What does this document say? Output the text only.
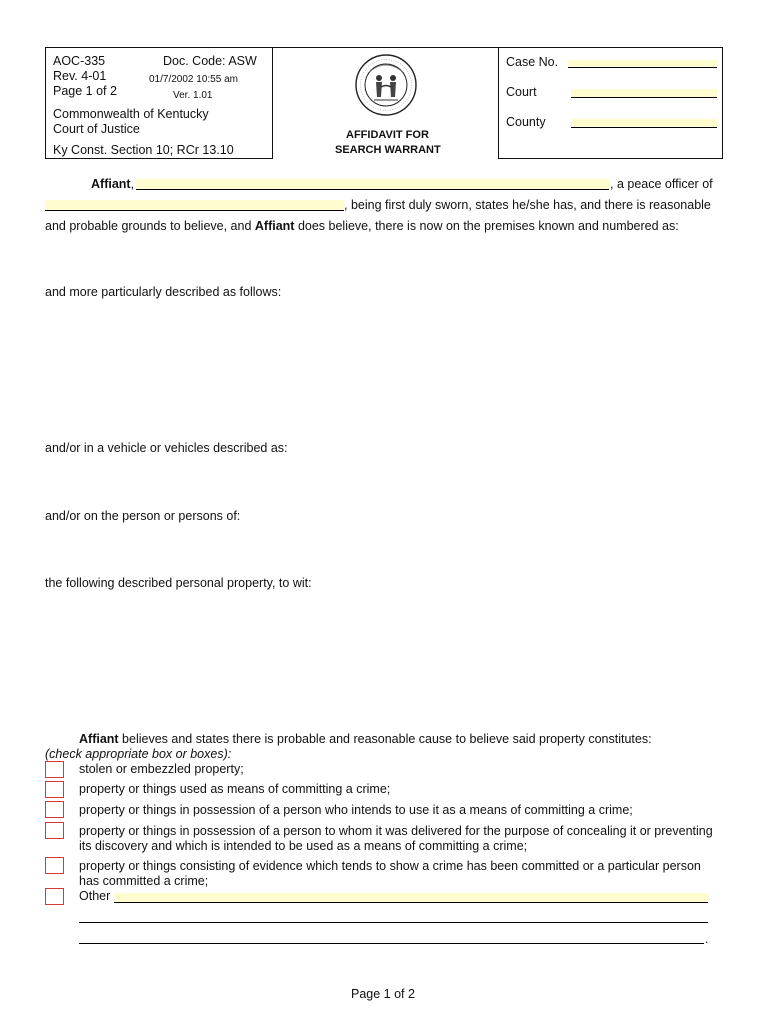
AOC-335	Doc. Code: ASW
Rev. 4-01	01/7/2002 10:55 am
Page 1 of 2	Ver. 1.01
Commonwealth of Kentucky
Court of Justice
Ky Const. Section 10; RCr 13.10
AFFIDAVIT FOR
SEARCH WARRANT
Case No.
Court
County
Affiant,	, a peace officer of
, being first duly sworn, states he/she has, and there is reasonable
and probable grounds to believe, and Affiant does believe, there is now on the premises known and numbered as:
and more particularly described as follows:
and/or in a vehicle or vehicles described as:
and/or on the person or persons of:
the following described personal property, to wit:
Affiant believes and states there is probable and reasonable cause to believe said property constitutes:
(check appropriate box or boxes):
stolen or embezzled property;
property or things used as means of committing a crime;
property or things in possession of a person who intends to use it as a means of committing a crime;
property or things in possession of a person to whom it was delivered for the purpose of concealing it or preventing
its discovery and which is intended to be used as a means of committing a crime;
property or things consisting of evidence which tends to show a crime has been committed or a particular person
has committed a crime;
Other
.
Page 1 of 2
